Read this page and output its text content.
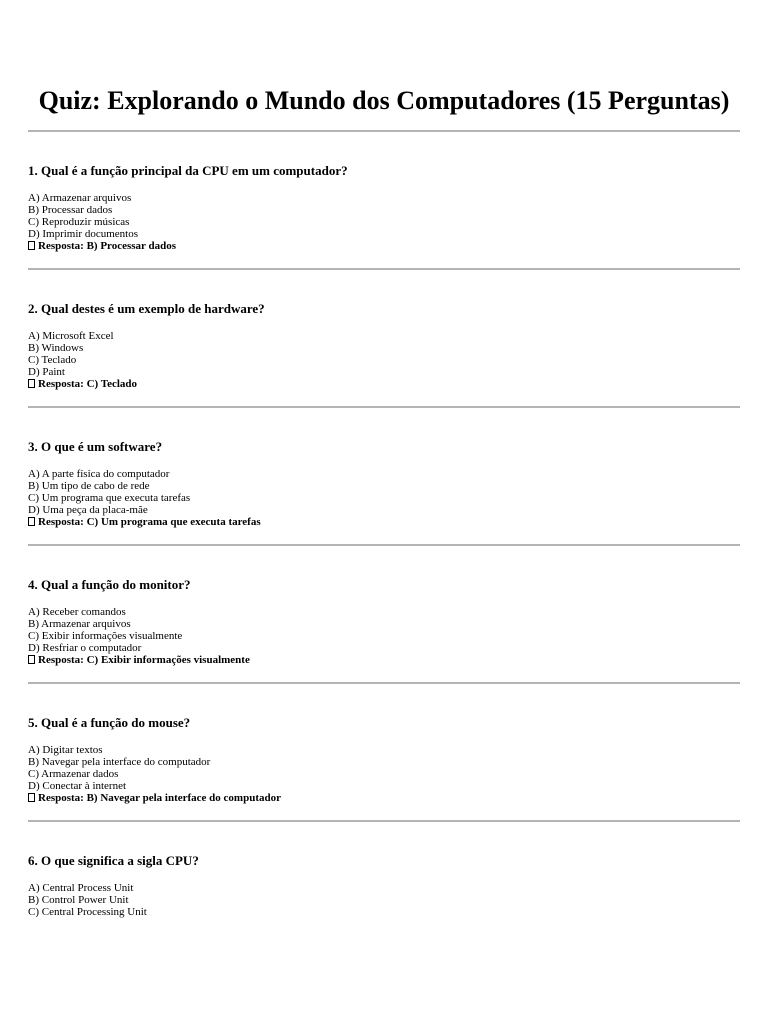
Quiz: Explorando o Mundo dos Computadores (15 Perguntas)

1. Qual é a função principal da CPU em um computador?

A) Armazenar arquivos
B) Processar dados
C) Reproduzir músicas
D) Imprimir documentos

Resposta: B) Processar dados

2. Qual destes é um exemplo de hardware?

A) Microsoft Excel
B) Windows
C) Teclado
D) Paint

Resposta: C) Teclado

3. O que é um software?

A) A parte física do computador
B) Um tipo de cabo de rede
C) Um programa que executa tarefas
D) Uma peça da placa-mãe

Resposta: C) Um programa que executa tarefas

4. Qual a função do monitor?

A) Receber comandos
B) Armazenar arquivos
C) Exibir informações visualmente
D) Resfriar o computador

Resposta: C) Exibir informações visualmente

5. Qual é a função do mouse?

A) Digitar textos
B) Navegar pela interface do computador
C) Armazenar dados
D) Conectar à internet

Resposta: B) Navegar pela interface do computador

6. O que significa a sigla CPU?

A) Central Process Unit
B) Control Power Unit
C) Central Processing Unit
